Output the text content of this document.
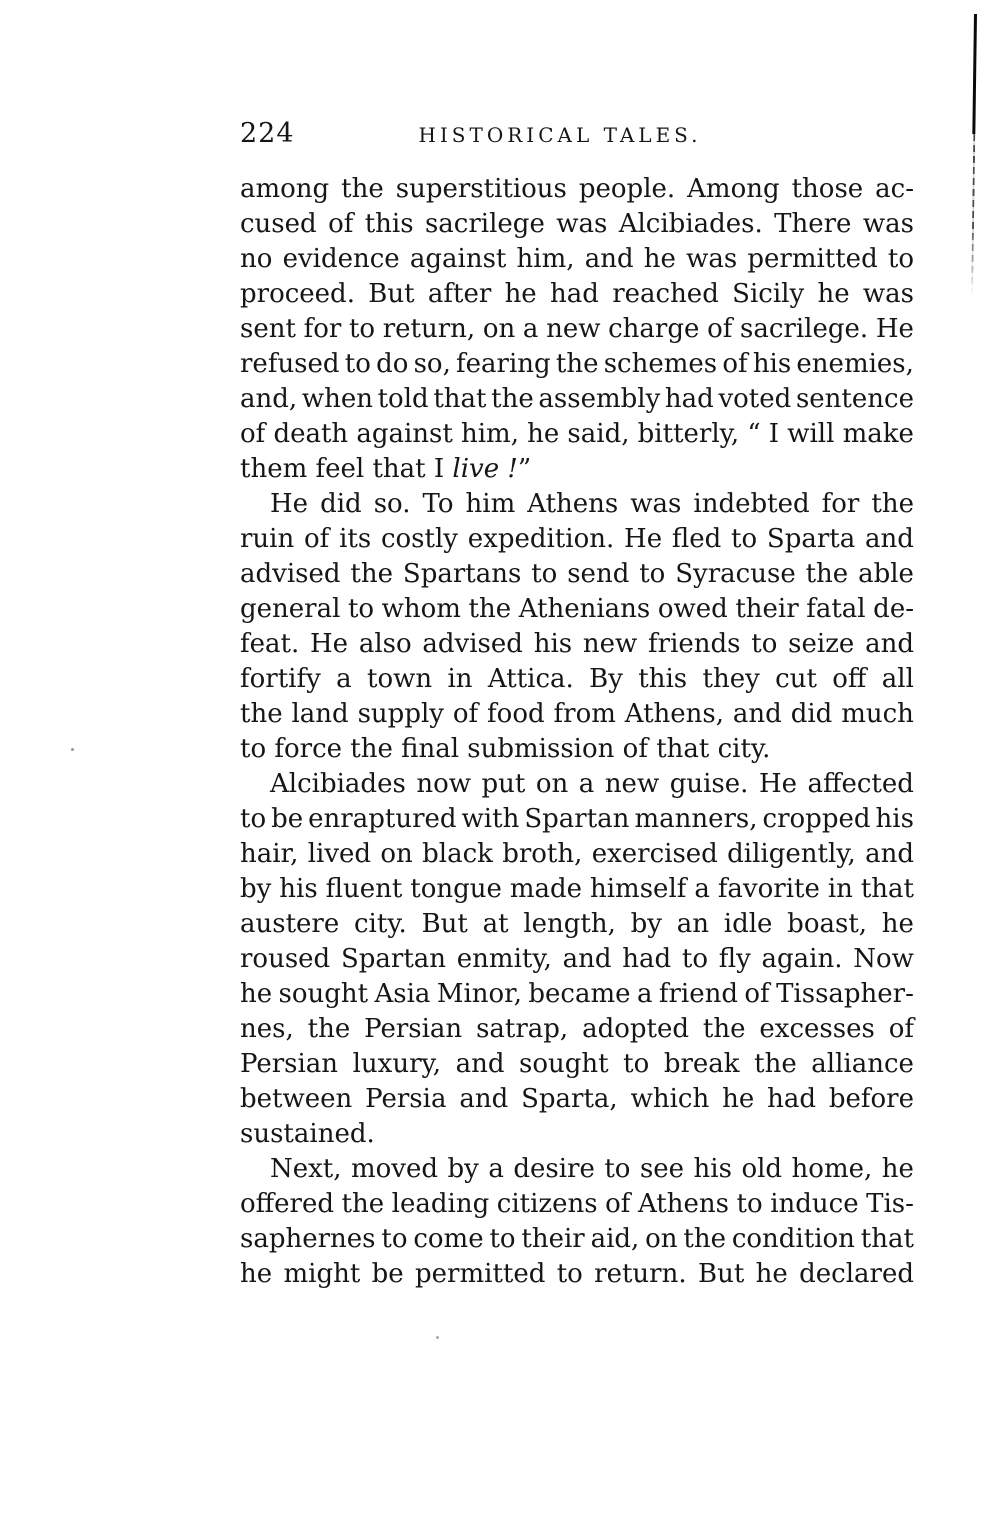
224	HISTORICAL TALES.
among the superstitious people. Among those ac-
cused of this sacrilege was Alcibiades. There was
no evidence against him, and he was permitted to
proceed. But after he had reached Sicily he was
sent for to return, on a new charge of sacrilege. He
refused to do so, fearing the schemes of his enemies,
and, when told that the assembly had voted sentence
of death against him, he said, bitterly, “ I will make
them feel that I live !”
He did so. To him Athens was indebted for the
ruin of its costly expedition. He fled to Sparta and
advised the Spartans to send to Syracuse the able
general to whom the Athenians owed their fatal de-
feat. He also advised his new friends to seize and
fortify a town in Attica. By this they cut off all
the land supply of food from Athens, and did much
to force the final submission of that city.
Alcibiades now put on a new guise. He affected
to be enraptured with Spartan manners, cropped his
hair, lived on black broth, exercised diligently, and
by his fluent tongue made himself a favorite in that
austere city. But at length, by an idle boast, he
roused Spartan enmity, and had to fly again. Now
he sought Asia Minor, became a friend of Tissapher-
nes, the Persian satrap, adopted the excesses of
Persian luxury, and sought to break the alliance
between Persia and Sparta, which he had before
sustained.
Next, moved by a desire to see his old home, he
offered the leading citizens of Athens to induce Tis-
saphernes to come to their aid, on the condition that
he might be permitted to return. But he declared
